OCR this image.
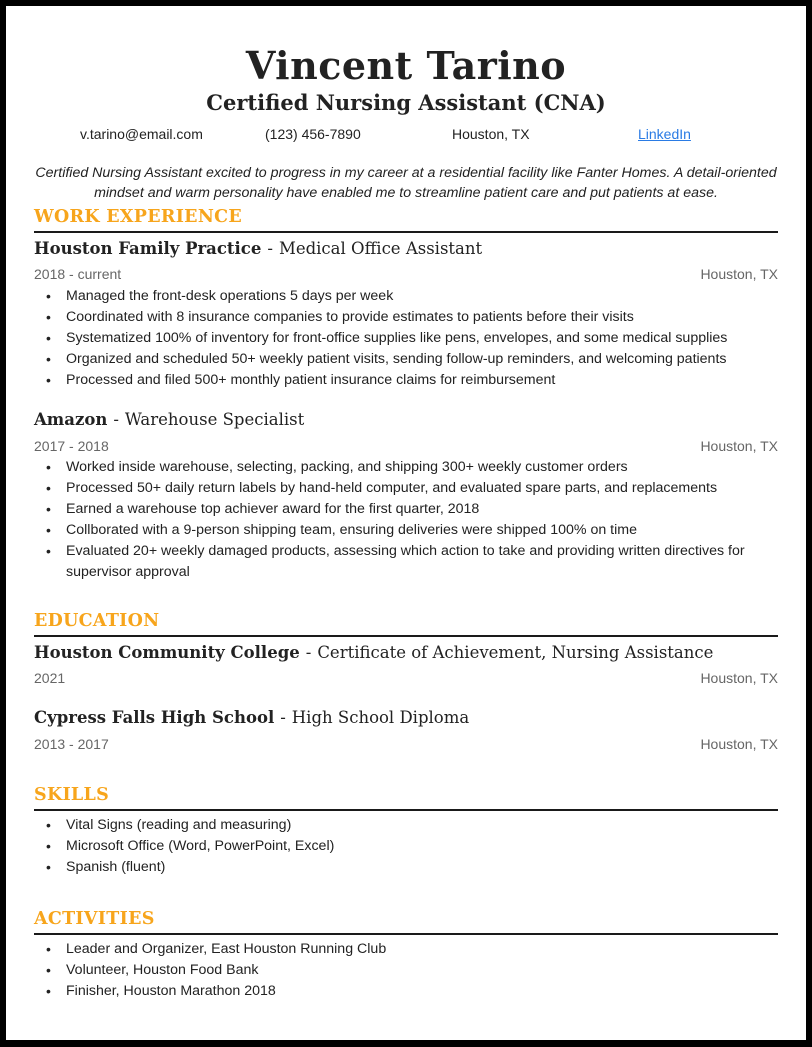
Vincent Tarino
Certified Nursing Assistant (CNA)
v.tarino@email.com	(123) 456-7890	Houston, TX	LinkedIn
Certified Nursing Assistant excited to progress in my career at a residential facility like Fanter Homes. A detail-oriented mindset and warm personality have enabled me to streamline patient care and put patients at ease.
WORK EXPERIENCE
Houston Family Practice - Medical Office Assistant
2018 - current	Houston, TX
• Managed the front-desk operations 5 days per week
• Coordinated with 8 insurance companies to provide estimates to patients before their visits
• Systematized 100% of inventory for front-office supplies like pens, envelopes, and some medical supplies
• Organized and scheduled 50+ weekly patient visits, sending follow-up reminders, and welcoming patients
• Processed and filed 500+ monthly patient insurance claims for reimbursement
Amazon - Warehouse Specialist
2017 - 2018	Houston, TX
• Worked inside warehouse, selecting, packing, and shipping 300+ weekly customer orders
• Processed 50+ daily return labels by hand-held computer, and evaluated spare parts, and replacements
• Earned a warehouse top achiever award for the first quarter, 2018
• Collborated with a 9-person shipping team, ensuring deliveries were shipped 100% on time
• Evaluated 20+ weekly damaged products, assessing which action to take and providing written directives for supervisor approval
EDUCATION
Houston Community College - Certificate of Achievement, Nursing Assistance
2021	Houston, TX
Cypress Falls High School - High School Diploma
2013 - 2017	Houston, TX
SKILLS
• Vital Signs (reading and measuring)
• Microsoft Office (Word, PowerPoint, Excel)
• Spanish (fluent)
ACTIVITIES
• Leader and Organizer, East Houston Running Club
• Volunteer, Houston Food Bank
• Finisher, Houston Marathon 2018
